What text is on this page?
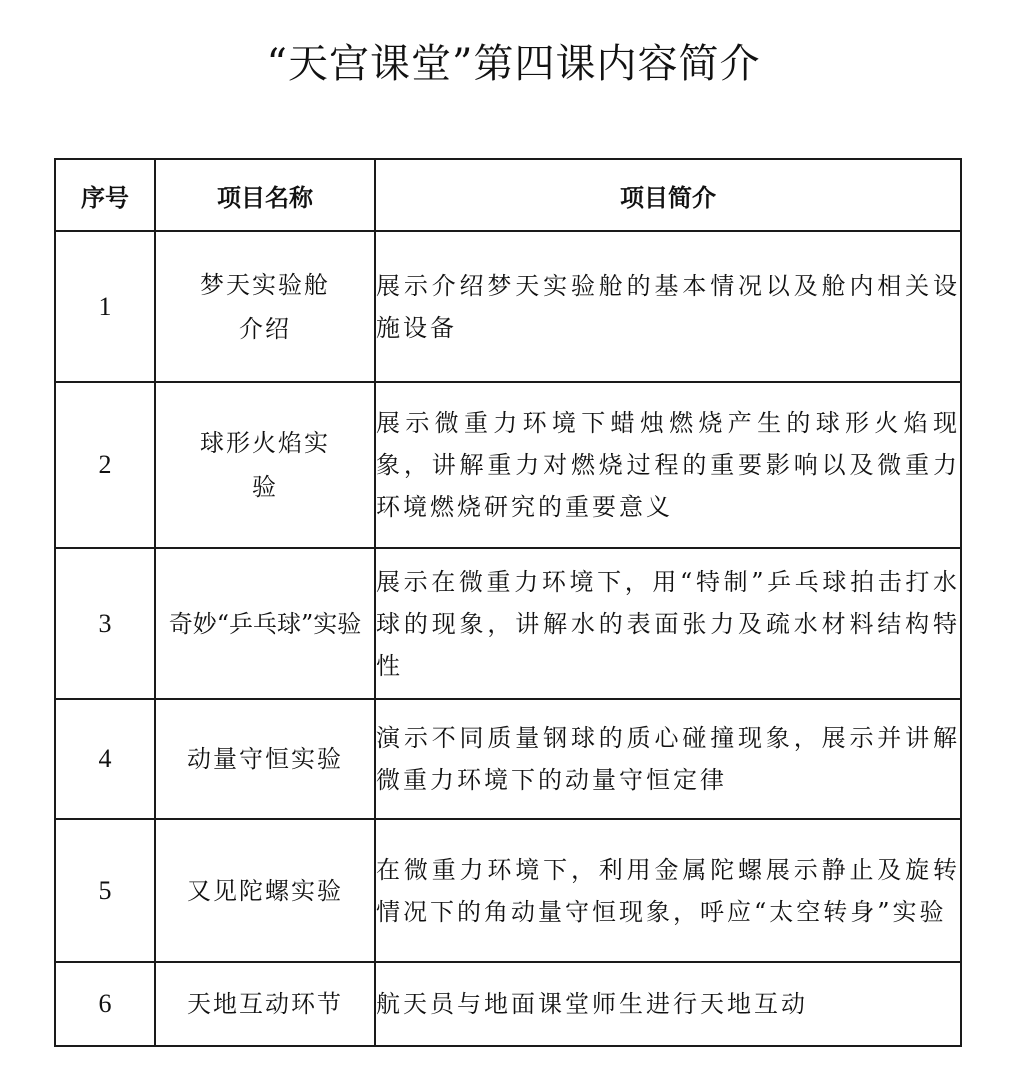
“天宫课堂”第四课内容简介
序号	项目名称	项目简介
1	梦天实验舱介绍	展示介绍梦天实验舱的基本情况以及舱内相关设施设备
2	球形火焰实验	展示微重力环境下蜡烛燃烧产生的球形火焰现象，讲解重力对燃烧过程的重要影响以及微重力环境燃烧研究的重要意义
3	奇妙“乒乓球”实验	展示在微重力环境下，用“特制”乒乓球拍击打水球的现象，讲解水的表面张力及疏水材料结构特性
4	动量守恒实验	演示不同质量钢球的质心碰撞现象，展示并讲解微重力环境下的动量守恒定律
5	又见陀螺实验	在微重力环境下，利用金属陀螺展示静止及旋转情况下的角动量守恒现象，呼应“太空转身”实验
6	天地互动环节	航天员与地面课堂师生进行天地互动
